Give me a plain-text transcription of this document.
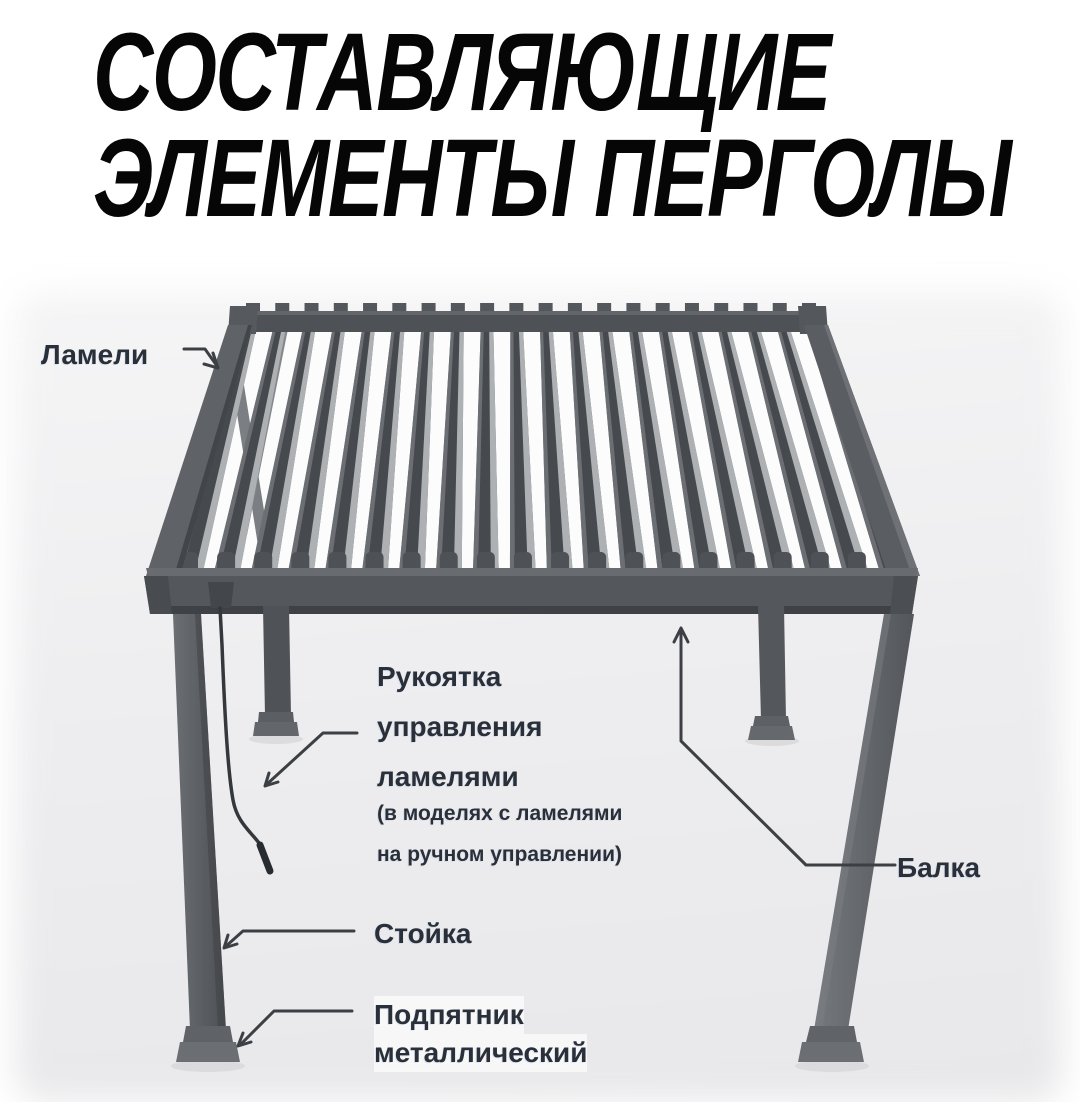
СОСТАВЛЯЮЩИЕ
ЭЛЕМЕНТЫ ПЕРГОЛЫ
Ламели
Рукоятка
управления
ламелями
(в моделях с ламелями
на ручном управлении)	Балка
Стойка
Подпятник
металлический
